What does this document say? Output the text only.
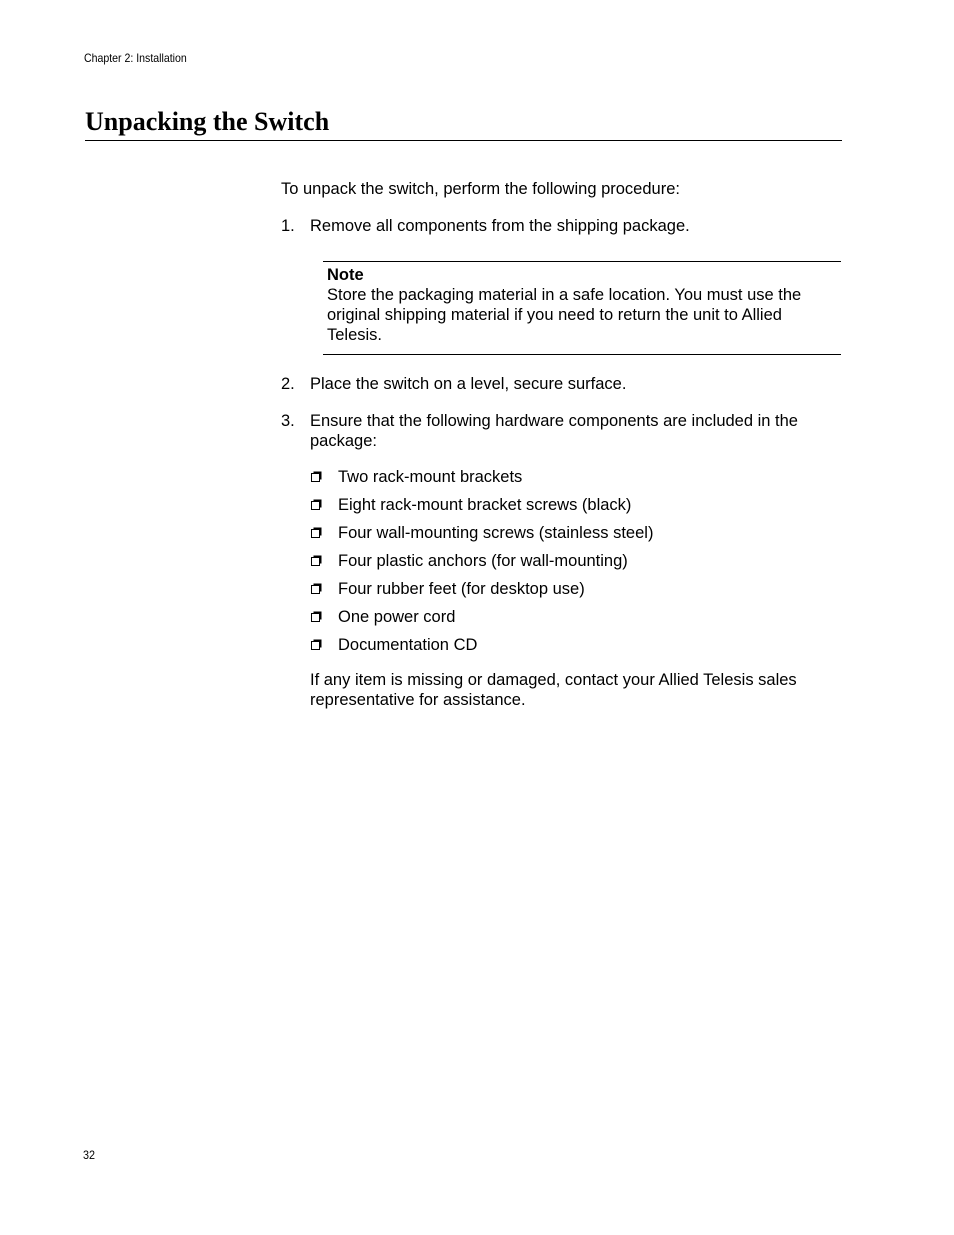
Chapter 2: Installation
Unpacking the Switch

To unpack the switch, perform the following procedure:

1. Remove all components from the shipping package.
Note
Store the packaging material in a safe location. You must use the original shipping material if you need to return the unit to Allied Telesis.
2. Place the switch on a level, secure surface.
3. Ensure that the following hardware components are included in the package:
Two rack-mount brackets
Eight rack-mount bracket screws (black)
Four wall-mounting screws (stainless steel)
Four plastic anchors (for wall-mounting)
Four rubber feet (for desktop use)
One power cord
Documentation CD

If any item is missing or damaged, contact your Allied Telesis sales representative for assistance.

32
